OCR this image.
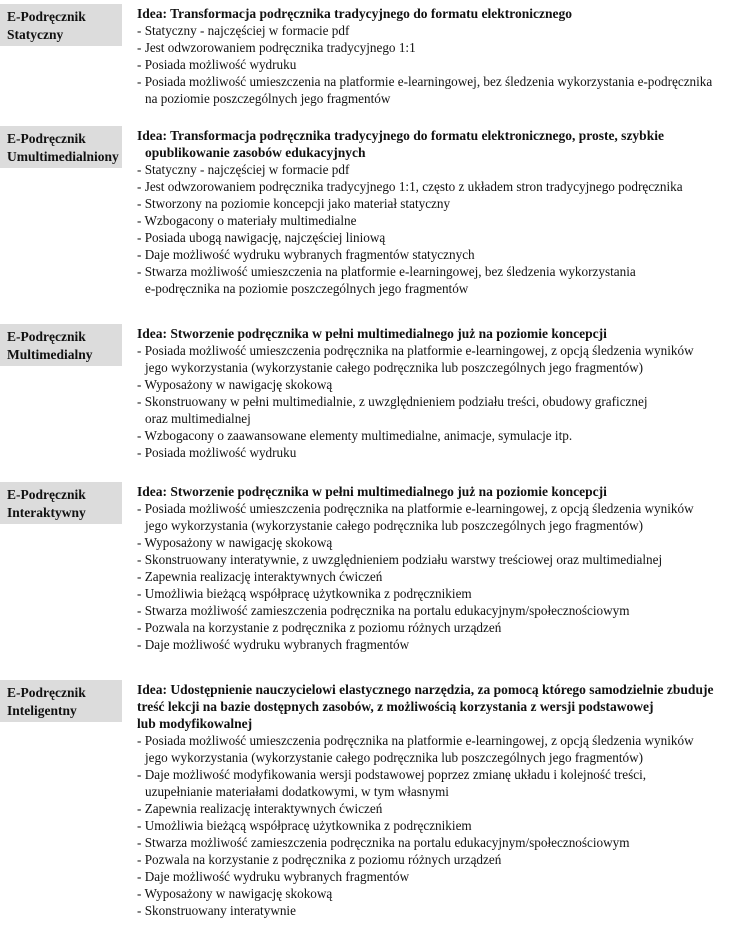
E-Podręcznik
Statyczny
Idea: Transformacja podręcznika tradycyjnego do formatu elektronicznego
- Statyczny - najczęściej w formacie pdf
- Jest odwzorowaniem podręcznika tradycyjnego 1:1
- Posiada możliwość wydruku
- Posiada możliwość umieszczenia na platformie e-learningowej, bez śledzenia wykorzystania e-podręcznika
na poziomie poszczególnych jego fragmentów
E-Podręcznik
Umultimedialniony
Idea: Transformacja podręcznika tradycyjnego do formatu elektronicznego, proste, szybkie
opublikowanie zasobów edukacyjnych
- Statyczny - najczęściej w formacie pdf
- Jest odwzorowaniem podręcznika tradycyjnego 1:1, często z układem stron tradycyjnego podręcznika
- Stworzony na poziomie koncepcji jako materiał statyczny
- Wzbogacony o materiały multimedialne
- Posiada ubogą nawigację, najczęściej liniową
- Daje możliwość wydruku wybranych fragmentów statycznych
- Stwarza możliwość umieszczenia na platformie e-learningowej, bez śledzenia wykorzystania
e-podręcznika na poziomie poszczególnych jego fragmentów
E-Podręcznik
Multimedialny
Idea: Stworzenie podręcznika w pełni multimedialnego już na poziomie koncepcji
- Posiada możliwość umieszczenia podręcznika na platformie e-learningowej, z opcją śledzenia wyników
jego wykorzystania (wykorzystanie całego podręcznika lub poszczególnych jego fragmentów)
- Wyposażony w nawigację skokową
- Skonstruowany w pełni multimedialnie, z uwzględnieniem podziału treści, obudowy graficznej
oraz multimedialnej
- Wzbogacony o zaawansowane elementy multimedialne, animacje, symulacje itp.
- Posiada możliwość wydruku
E-Podręcznik
Interaktywny
Idea: Stworzenie podręcznika w pełni multimedialnego już na poziomie koncepcji
- Posiada możliwość umieszczenia podręcznika na platformie e-learningowej, z opcją śledzenia wyników
jego wykorzystania (wykorzystanie całego podręcznika lub poszczególnych jego fragmentów)
- Wyposażony w nawigację skokową
- Skonstruowany interatywnie, z uwzględnieniem podziału warstwy treściowej oraz multimedialnej
- Zapewnia realizację interaktywnych ćwiczeń
- Umożliwia bieżącą współpracę użytkownika z podręcznikiem
- Stwarza możliwość zamieszczenia podręcznika na portalu edukacyjnym/społecznościowym
- Pozwala na korzystanie z podręcznika z poziomu różnych urządzeń
- Daje możliwość wydruku wybranych fragmentów
E-Podręcznik
Inteligentny
Idea: Udostępnienie nauczycielowi elastycznego narzędzia, za pomocą którego samodzielnie zbuduje
treść lekcji na bazie dostępnych zasobów, z możliwością korzystania z wersji podstawowej
lub modyfikowalnej
- Posiada możliwość umieszczenia podręcznika na platformie e-learningowej, z opcją śledzenia wyników
jego wykorzystania (wykorzystanie całego podręcznika lub poszczególnych jego fragmentów)
- Daje możliwość modyfikowania wersji podstawowej poprzez zmianę układu i kolejność treści,
uzupełnianie materiałami dodatkowymi, w tym własnymi
- Zapewnia realizację interaktywnych ćwiczeń
- Umożliwia bieżącą współpracę użytkownika z podręcznikiem
- Stwarza możliwość zamieszczenia podręcznika na portalu edukacyjnym/społecznościowym
- Pozwala na korzystanie z podręcznika z poziomu różnych urządzeń
- Daje możliwość wydruku wybranych fragmentów
- Wyposażony w nawigację skokową
- Skonstruowany interatywnie
